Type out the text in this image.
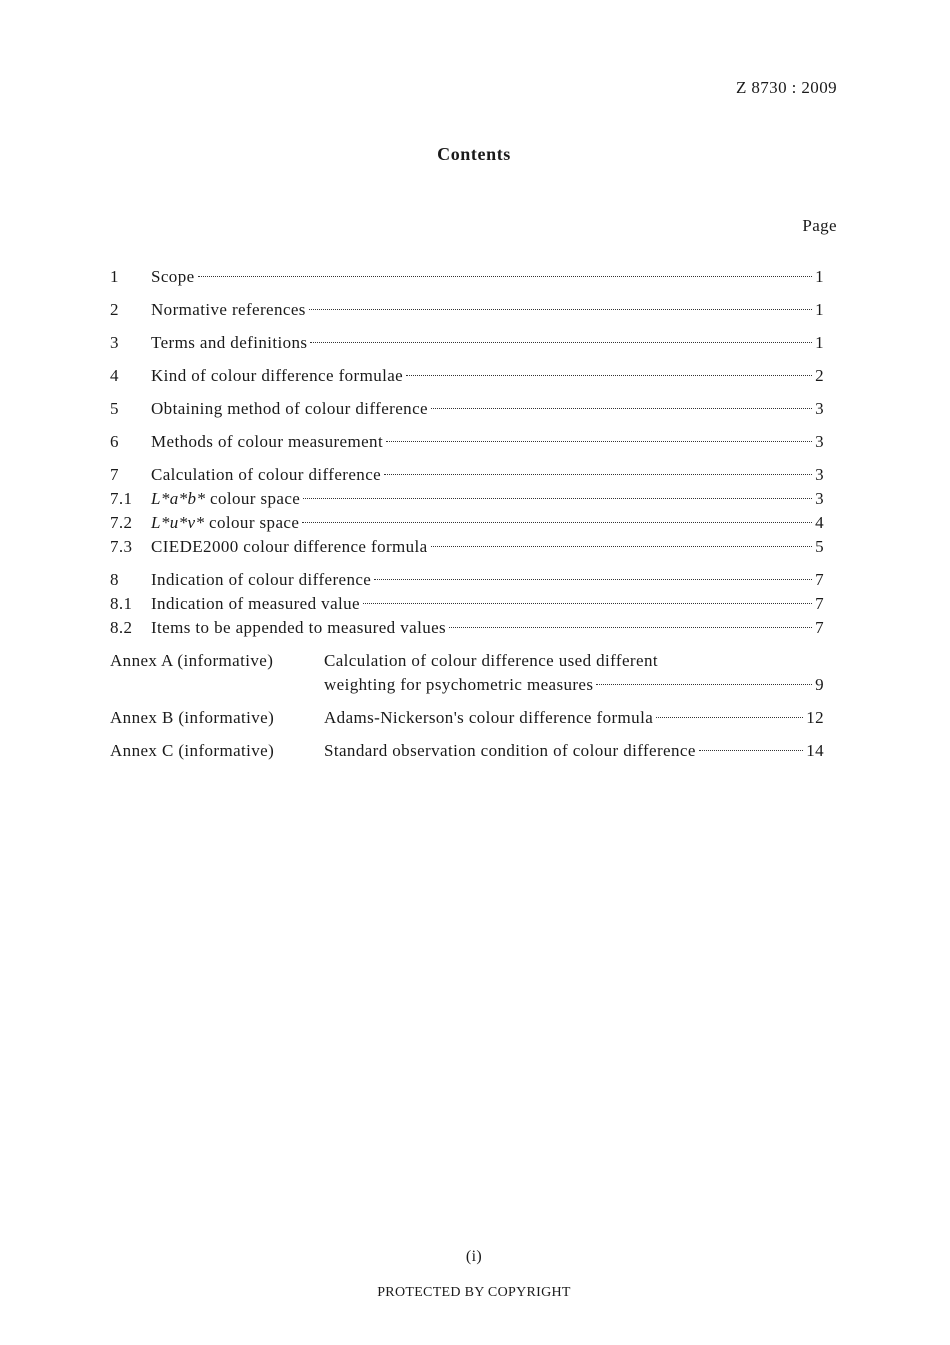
Z 8730 : 2009
Contents
Page
1	Scope	1
2	Normative references	1
3	Terms and definitions	1
4	Kind of colour difference formulae	2
5	Obtaining method of colour difference	3
6	Methods of colour measurement	3
7	Calculation of colour difference	3
7.1	L*a*b* colour space	3
7.2	L*u*v* colour space	4
7.3	CIEDE2000 colour difference formula	5
8	Indication of colour difference	7
8.1	Indication of measured value	7
8.2	Items to be appended to measured values	7
Annex A (informative)	Calculation of colour difference used different
weighting for psychometric measures	9
Annex B (informative)	Adams-Nickerson's colour difference formula	12
Annex C (informative)	Standard observation condition of colour difference	14
(i)
PROTECTED BY COPYRIGHT
